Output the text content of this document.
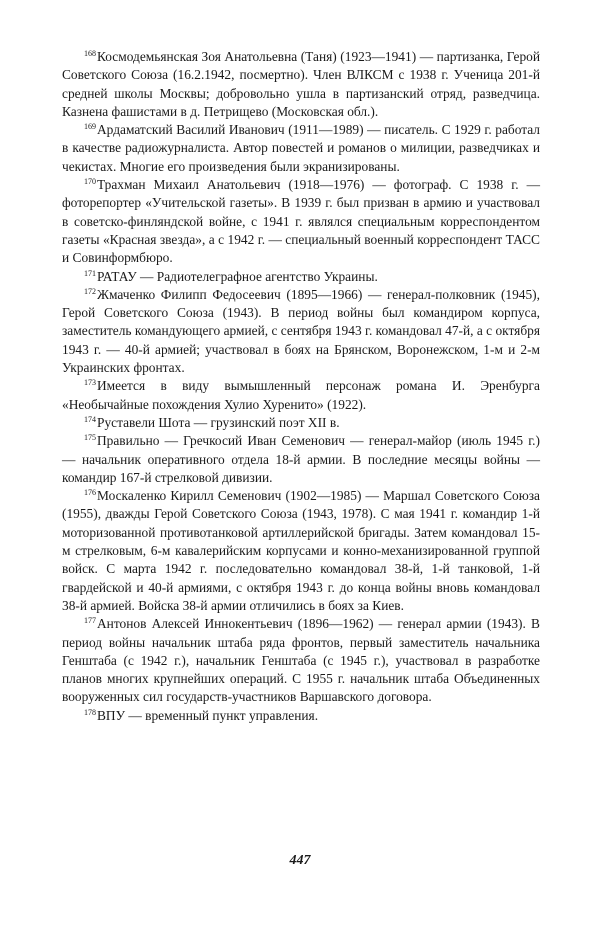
$^{168}$Космодемьянская Зоя Анатольевна (Таня) (1923—1941) — партизанка, Герой Советского Союза (16.2.1942, посмертно). Член ВЛКСМ с 1938 г. Ученица 201-й средней школы Москвы; добровольно ушла в партизанский отряд, разведчица. Казнена фашистами в д. Петрищево (Московская обл.).

$^{169}$Ардаматский Василий Иванович (1911—1989) — писатель. С 1929 г. работал в качестве радиожурналиста. Автор повестей и романов о милиции, разведчиках и чекистах. Многие его произведения были экранизированы.

$^{170}$Трахман Михаил Анатольевич (1918—1976) — фотограф. С 1938 г. — фоторепортер «Учительской газеты». В 1939 г. был призван в армию и участвовал в советско-финляндской войне, с 1941 г. являлся специальным корреспондентом газеты «Красная звезда», а с 1942 г. — специальный военный корреспондент ТАСС и Совинформбюро.

$^{171}$РАТАУ — Радиотелеграфное агентство Украины.

$^{172}$Жмаченко Филипп Федосеевич (1895—1966) — генерал-полковник (1945), Герой Советского Союза (1943). В период войны был командиром корпуса, заместитель командующего армией, с сентября 1943 г. командовал 47-й, а с октября 1943 г. — 40-й армией; участвовал в боях на Брянском, Воронежском, 1-м и 2-м Украинских фронтах.

$^{173}$Имеется в виду вымышленный персонаж романа И. Эренбурга «Необычайные похождения Хулио Хуренито» (1922).

$^{174}$Руставели Шота — грузинский поэт XII в.

$^{175}$Правильно — Гречкосий Иван Семенович — генерал-майор (июль 1945 г.) — начальник оперативного отдела 18-й армии. В последние месяцы войны — командир 167-й стрелковой дивизии.

$^{176}$Москаленко Кирилл Семенович (1902—1985) — Маршал Советского Союза (1955), дважды Герой Советского Союза (1943, 1978). С мая 1941 г. командир 1-й моторизованной противотанковой артиллерийской бригады. Затем командовал 15-м стрелковым, 6-м кавалерийским корпусами и конно-механизированной группой войск. С марта 1942 г. последовательно командовал 38-й, 1-й танковой, 1-й гвардейской и 40-й армиями, с октября 1943 г. до конца войны вновь командовал 38-й армией. Войска 38-й армии отличились в боях за Киев.

$^{177}$Антонов Алексей Иннокентьевич (1896—1962) — генерал армии (1943). В период войны начальник штаба ряда фронтов, первый заместитель начальника Генштаба (с 1942 г.), начальник Генштаба (с 1945 г.), участвовал в разработке планов многих крупнейших операций. С 1955 г. начальник штаба Объединенных вооруженных сил государств-участников Варшавского договора.

$^{178}$ВПУ — временный пункт управления.

447
